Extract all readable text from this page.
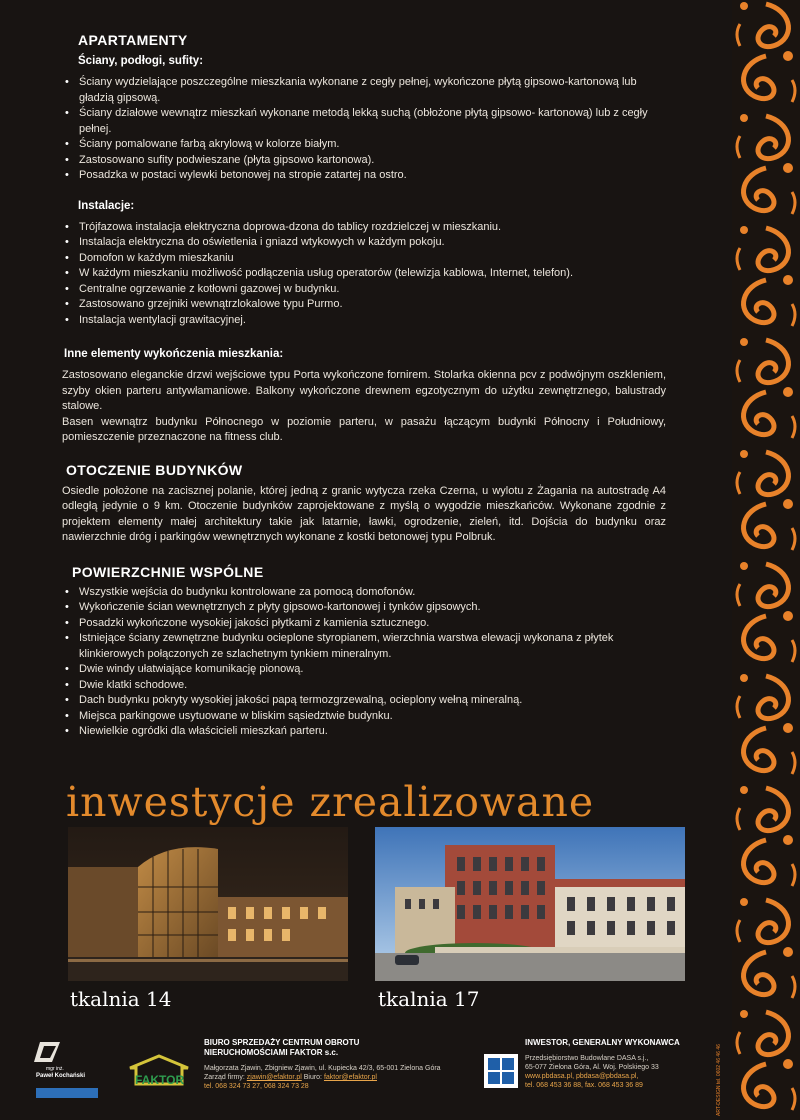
APARTAMENTY
Ściany, podłogi, sufity:
• Ściany wydzielające poszczególne mieszkania wykonane z cegły pełnej, wykończone płytą gipsowo-kartonową lub gładzią gipsową.
• Ściany działowe wewnątrz mieszkań wykonane metodą lekką suchą (obłożone płytą gipsowo- kartonową) lub z cegły pełnej.
• Ściany pomalowane farbą akrylową w kolorze białym.
• Zastosowano sufity podwieszane (płyta gipsowo kartonowa).
• Posadzka w postaci wylewki betonowej na stropie zatartej na ostro.
Instalacje:
• Trójfazowa instalacja elektryczna doprowa-dzona do tablicy rozdzielczej w mieszkaniu.
• Instalacja elektryczna do oświetlenia i gniazd wtykowych w każdym pokoju.
• Domofon w każdym mieszkaniu
• W każdym mieszkaniu możliwość podłączenia usług operatorów (telewizja kablowa, Internet, telefon).
• Centralne ogrzewanie z kotłowni gazowej w budynku.
• Zastosowano grzejniki wewnątrzlokalowe typu Purmo.
• Instalacja wentylacji grawitacyjnej.
Inne elementy wykończenia mieszkania:

Zastosowano eleganckie drzwi wejściowe typu Porta wykończone fornirem. Stolarka okienna pcv z podwójnym oszkleniem, szyby okien parteru antywłamaniowe. Balkony wykończone drewnem egzotycznym do użytku zewnętrznego, balustrady stalowe.

Basen wewnątrz budynku Północnego w poziomie parteru, w pasażu łączącym budynki Północny i Południowy, pomieszczenie przeznaczone na fitness club.

OTOCZENIE BUDYNKÓW

Osiedle położone na zacisznej polanie, której jedną z granic wytycza rzeka Czerna, u wylotu z Żagania na autostradę A4 odległą jedynie o 9 km. Otoczenie budynków zaprojektowane z myślą o wygodzie mieszkańców. Wykonane zgodnie z projektem elementy małej architektury takie jak latarnie, ławki, ogrodzenie, zieleń, itd. Dojścia do budynku oraz nawierzchnie dróg i parkingów wewnętrznych wykonane z kostki betonowej typu Polbruk.

POWIERZCHNIE WSPÓLNE
• Wszystkie wejścia do budynku kontrolowane za pomocą domofonów.
• Wykończenie ścian wewnętrznych z płyty gipsowo-kartonowej i tynków gipsowych.
• Posadzki wykończone wysokiej jakości płytkami z kamienia sztucznego.
• Istniejące ściany zewnętrzne budynku ocieplone styropianem, wierzchnia warstwa elewacji wykonana z płytek klinkierowych połączonych ze szlachetnym tynkiem mineralnym.
• Dwie windy ułatwiające komunikację pionową.
• Dwie klatki schodowe.
• Dach budynku pokryty wysokiej jakości papą termozgrzewalną, ocieplony wełną mineralną.
• Miejsca parkingowe usytuowane w bliskim sąsiedztwie budynku.
• Niewielkie ogródki dla właścicieli mieszkań parteru.
inwestycje zrealizowane
tkalnia 14	tkalnia 17
mgr inż.
Paweł Kochański	FAKTOR
BIURO SPRZEDAŻY CENTRUM OBROTU
NIERUCHOMOŚCIAMI FAKTOR s.c.
Małgorzata Zjawin, Zbigniew Zjawin, ul. Kupiecka 42/3, 65-001 Zielona Góra
Zarząd firmy: zjawin@efaktor.pl Biuro: faktor@efaktor.pl
tel. 068 324 73 27, 068 324 73 28
INWESTOR, GENERALNY WYKONAWCA
Przedsiębiorstwo Budowlane DASA s.j.,
65-077 Zielona Góra, Al. Woj. Polskiego 33
www.pbdasa.pl, pbdasa@pbdasa.pl,
tel. 068 453 36 88, fax. 068 453 36 89	ART-DESIGN tel. 0602 46 46 46
